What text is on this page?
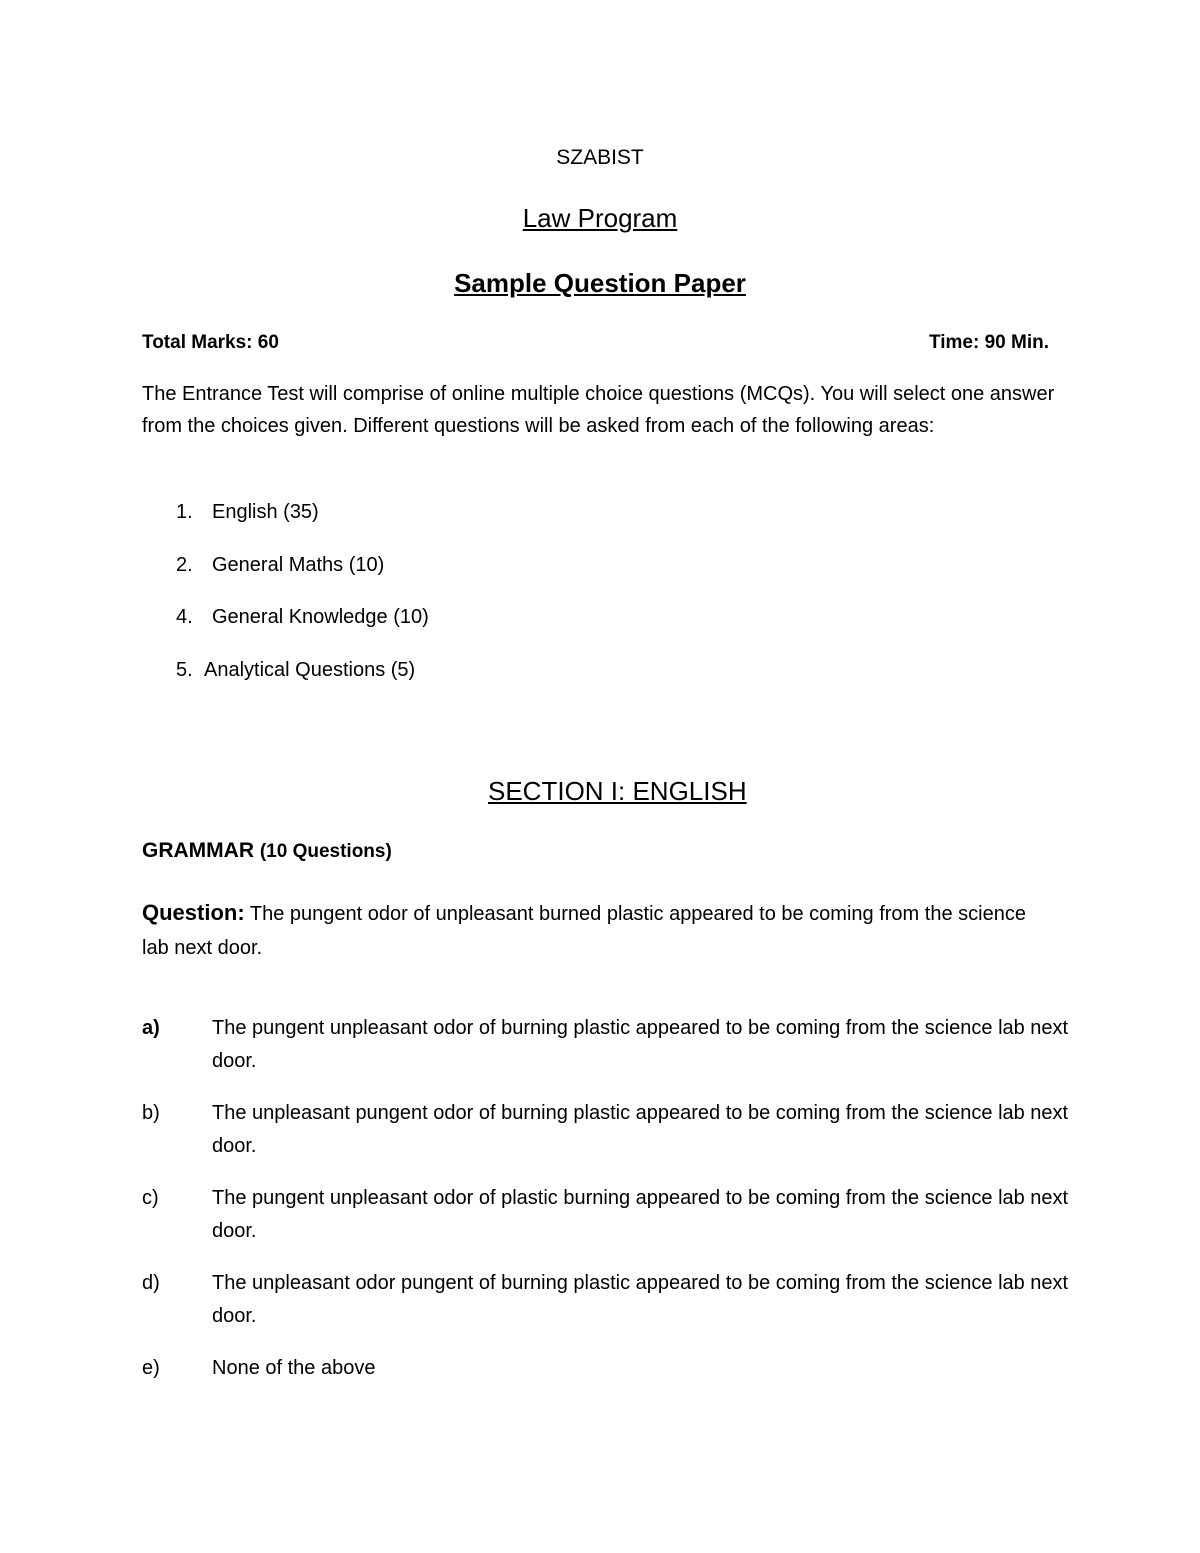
SZABIST
Law Program
Sample Question Paper
Total Marks: 60	Time: 90 Min.
The Entrance Test will comprise of online multiple choice questions (MCQs). You will select one answer from the choices given. Different questions will be asked from each of the following areas:
1. English (35)
2. General Maths (10)
4. General Knowledge (10)
5. Analytical Questions (5)
SECTION I: ENGLISH
GRAMMAR (10 Questions)
Question: The pungent odor of unpleasant burned plastic appeared to be coming from the science lab next door.
a)	The pungent unpleasant odor of burning plastic appeared to be coming from the science lab next door.
b)	The unpleasant pungent odor of burning plastic appeared to be coming from the science lab next door.
c)	The pungent unpleasant odor of plastic burning appeared to be coming from the science lab next door.
d)	The unpleasant odor pungent of burning plastic appeared to be coming from the science lab next door.
e)	None of the above
